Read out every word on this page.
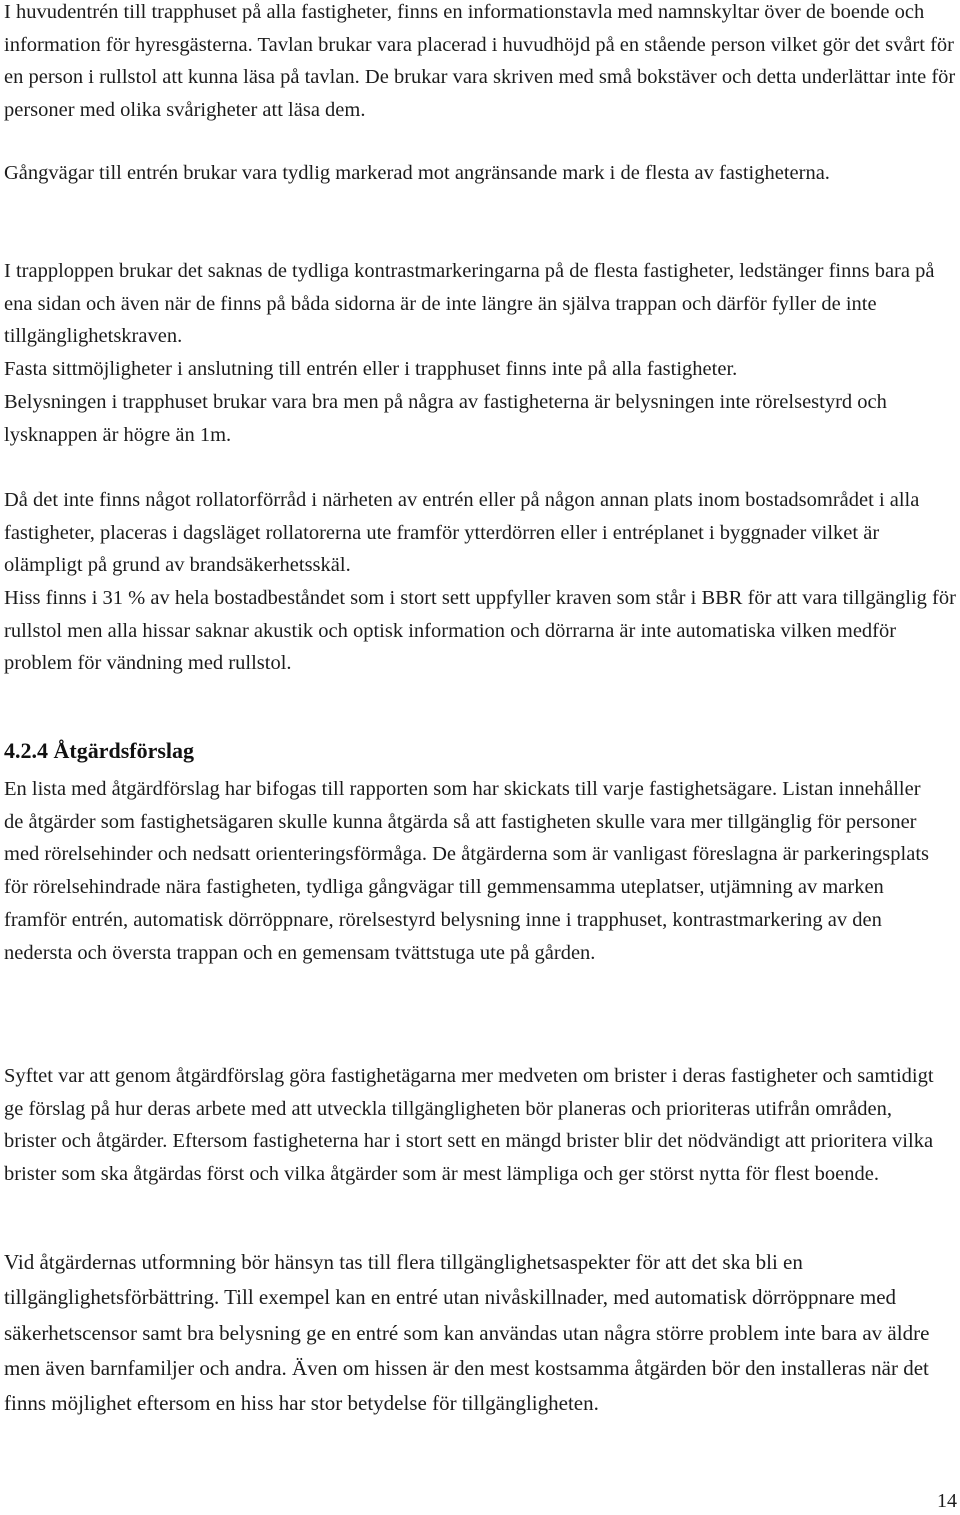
I huvudentrén till trapphuset på alla fastigheter, finns en informationstavla med namnskyltar över de boende och information för hyresgästerna. Tavlan brukar vara placerad i huvudhöjd på en stående person vilket gör det svårt för en person i rullstol att kunna läsa på tavlan. De brukar vara skriven med små bokstäver och detta underlättar inte för personer med olika svårigheter att läsa dem.

Gångvägar till entrén brukar vara tydlig markerad mot angränsande mark i de flesta av fastigheterna.

I trapploppen brukar det saknas de tydliga kontrastmarkeringarna på de flesta fastigheter, ledstänger finns bara på ena sidan och även när de finns på båda sidorna är de inte längre än själva trappan och därför fyller de inte tillgänglighetskraven.

Fasta sittmöjligheter i anslutning till entrén eller i trapphuset finns inte på alla fastigheter.

Belysningen i trapphuset brukar vara bra men på några av fastigheterna är belysningen inte rörelsestyrd och lysknappen är högre än 1m.

Då det inte finns något rollatorförråd i närheten av entrén eller på någon annan plats inom bostadsområdet i alla fastigheter, placeras i dagsläget rollatorerna ute framför ytterdörren eller i entréplanet i byggnader vilket är olämpligt på grund av brandsäkerhetsskäl.

Hiss finns i 31 % av hela bostadbeståndet som i stort sett uppfyller kraven som står i BBR för att vara tillgänglig för rullstol men alla hissar saknar akustik och optisk information och dörrarna är inte automatiska vilken medför problem för vändning med rullstol.

4.2.4 Åtgärdsförslag

En lista med åtgärdförslag har bifogas till rapporten som har skickats till varje fastighetsägare. Listan innehåller de åtgärder som fastighetsägaren skulle kunna åtgärda så att fastigheten skulle vara mer tillgänglig för personer med rörelsehinder och nedsatt orienteringsförmåga. De åtgärderna som är vanligast föreslagna är parkeringsplats för rörelsehindrade nära fastigheten, tydliga gångvägar till gemmensamma uteplatser, utjämning av marken framför entrén, automatisk dörröppnare, rörelsestyrd belysning inne i trapphuset, kontrastmarkering av den nedersta och översta trappan och en gemensam tvättstuga ute på gården.

Syftet var att genom åtgärdförslag göra fastighetägarna mer medveten om brister i deras fastigheter och samtidigt ge förslag på hur deras arbete med att utveckla tillgängligheten bör planeras och prioriteras utifrån områden, brister och åtgärder. Eftersom fastigheterna har i stort sett en mängd brister blir det nödvändigt att prioritera vilka brister som ska åtgärdas först och vilka åtgärder som är mest lämpliga och ger störst nytta för flest boende.

Vid åtgärdernas utformning bör hänsyn tas till flera tillgänglighetsaspekter för att det ska bli en tillgänglighetsförbättring. Till exempel kan en entré utan nivåskillnader, med automatisk dörröppnare med säkerhetscensor samt bra belysning ge en entré som kan användas utan några större problem inte bara av äldre men även barnfamiljer och andra. Även om hissen är den mest kostsamma åtgärden bör den installeras när det finns möjlighet eftersom en hiss har stor betydelse för tillgängligheten.

14
